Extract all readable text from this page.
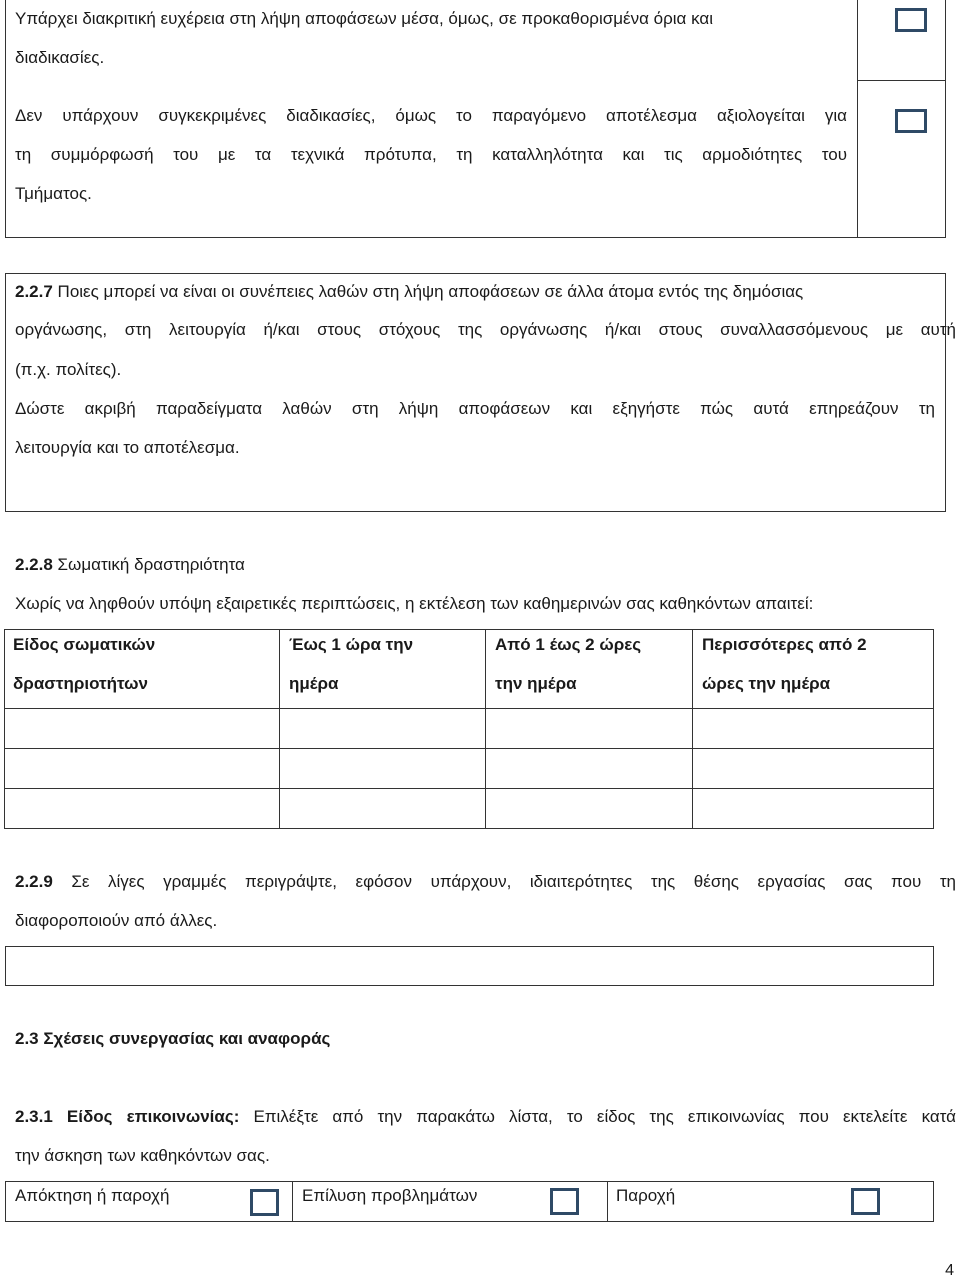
Υπάρχει διακριτική ευχέρεια στη λήψη αποφάσεων μέσα, όμως, σε προκαθορισμένα όρια και
διαδικασίες.
Δεν υπάρχουν συγκεκριμένες διαδικασίες, όμως το παραγόμενο αποτέλεσμα αξιολογείται για
τη συμμόρφωσή του με τα τεχνικά πρότυπα, τη καταλληλότητα και τις αρμοδιότητες του
Τμήματος.
2.2.7 Ποιες μπορεί να είναι οι συνέπειες λαθών στη λήψη αποφάσεων σε άλλα άτομα εντός της δημόσιας
οργάνωσης, στη λειτουργία ή/και στους στόχους της οργάνωσης ή/και στους συναλλασσόμενους με αυτή
(π.χ. πολίτες).
Δώστε ακριβή παραδείγματα λαθών στη λήψη αποφάσεων και εξηγήστε πώς αυτά επηρεάζουν τη
λειτουργία και το αποτέλεσμα.
2.2.8 Σωματική δραστηριότητα
Χωρίς να ληφθούν υπόψη εξαιρετικές περιπτώσεις, η εκτέλεση των καθημερινών σας καθηκόντων απαιτεί:
Είδος σωματικών
δραστηριοτήτων
Έως 1 ώρα την
ημέρα
Από 1 έως 2 ώρες
την ημέρα
Περισσότερες από 2
ώρες την ημέρα
2.2.9 Σε λίγες γραμμές περιγράψτε, εφόσον υπάρχουν, ιδιαιτερότητες της θέσης εργασίας σας που τη
διαφοροποιούν από άλλες.
2.3 Σχέσεις συνεργασίας και αναφοράς
2.3.1 Είδος επικοινωνίας: Επιλέξτε από την παρακάτω λίστα, το είδος της επικοινωνίας που εκτελείτε κατά
την άσκηση των καθηκόντων σας.
Απόκτηση ή παροχή	Επίλυση προβλημάτων	Παροχή
4
